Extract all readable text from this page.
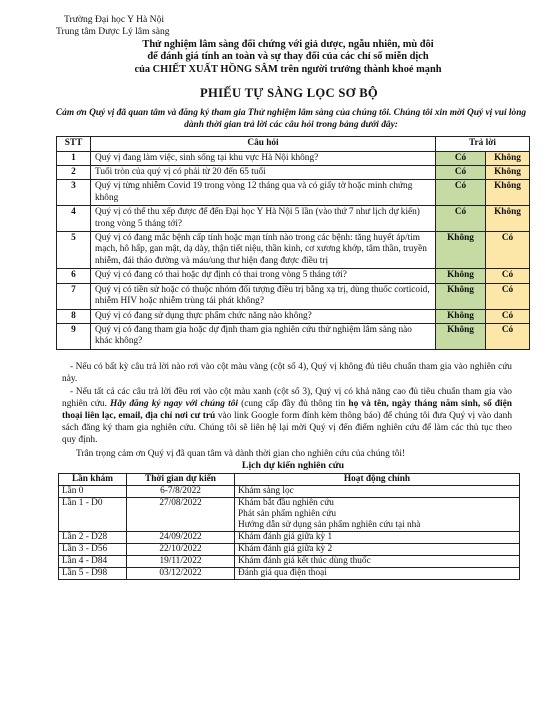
Trường Đại học Y Hà Nội
Trung tâm Dược Lý lâm sàng
Thử nghiệm lâm sàng đối chứng với giả dược, ngẫu nhiên, mù đôi
để đánh giá tính an toàn và sự thay đổi của các chỉ số miễn dịch
của CHIẾT XUẤT HỒNG SÂM trên người trưởng thành khoẻ mạnh
PHIẾU TỰ SÀNG LỌC SƠ BỘ
Cảm ơn Quý vị đã quan tâm và đăng ký tham gia Thử nghiệm lâm sàng của chúng tôi. Chúng tôi xin mời Quý vị vui lòng dành thời gian trả lời các câu hỏi trong bảng dưới đây:
STT	Câu hỏi	Trả lời	
1	Quý vị đang làm việc, sinh sống tại khu vực Hà Nội không?	Có	Không
2	Tuổi tròn của quý vị có phải từ 20 đến 65 tuổi	Có	Không
3	Quý vị từng nhiễm Covid 19 trong vòng 12 tháng qua và có giấy tờ hoặc minh chứng không	Có	Không
4	Quý vị có thể thu xếp được để đến Đại học Y Hà Nội 5 lần (vào thứ 7 như lịch dự kiến) trong vòng 5 tháng tới?	Có	Không
5	Quý vị có đang mắc bệnh cấp tính hoặc mạn tính nào trong các bệnh: tăng huyết áp/tim mạch, hô hấp, gan mật, dạ dày, thận tiết niệu, thần kinh, cơ xương khớp, tâm thần, truyền nhiễm, đái tháo đường và máu/ung thư hiện đang được điều trị	Không	Có
6	Quý vị có đang có thai hoặc dự định có thai trong vòng 5 tháng tới?	Không	Có
7	Quý vị có tiền sử hoặc có thuộc nhóm đối tượng điều trị bằng xạ trị, dùng thuốc corticoid, nhiễm HIV hoặc nhiễm trùng tái phát không?	Không	Có
8	Quý vị có đang sử dụng thực phẩm chức năng nào không?	Không	Có
9	Quý vị có đang tham gia hoặc dự định tham gia nghiên cứu thử nghiệm lâm sàng nào khác không?	Không	Có

- Nếu có bất kỳ câu trả lời nào rơi vào cột màu vàng (cột số 4), Quý vị không đủ tiêu chuẩn tham gia vào nghiên cứu này.

- Nếu tất cả các câu trả lời đều rơi vào cột màu xanh (cột số 3), Quý vị có khả năng cao đủ tiêu chuẩn tham gia vào nghiên cứu. Hãy đăng ký ngay với chúng tôi (cung cấp đầy đủ thông tin họ và tên, ngày tháng năm sinh, số điện thoại liên lạc, email, địa chỉ nơi cư trú vào link Google form đính kèm thông báo) để chúng tôi đưa Quý vị vào danh sách đăng ký tham gia nghiên cứu. Chúng tôi sẽ liên hệ lại mời Quý vị đến điểm nghiên cứu để làm các thủ tục theo quy định.

Trân trọng cảm ơn Quý vị đã quan tâm và dành thời gian cho nghiên cứu của chúng tôi!
Lịch dự kiến nghiên cứu
Lần khám	Thời gian dự kiến	Hoạt động chính
Lần 0	6-7/8/2022	Khám sàng lọc

Lần 1 - D0	27/08/2022	Khám bắt đầu nghiên cứu
Phát sản phẩm nghiên cứu
Hướng dẫn sử dụng sản phẩm nghiên cứu tại nhà

Lần 2 - D28	24/09/2022	Khám đánh giá giữa kỳ 1

Lần 3 - D56	22/10/2022	Khám đánh giá giữa kỳ 2

Lần 4 - D84	19/11/2022	Khám đánh giá kết thúc dùng thuốc

Lần 5 - D98	03/12/2022	Đánh giá qua điện thoại
